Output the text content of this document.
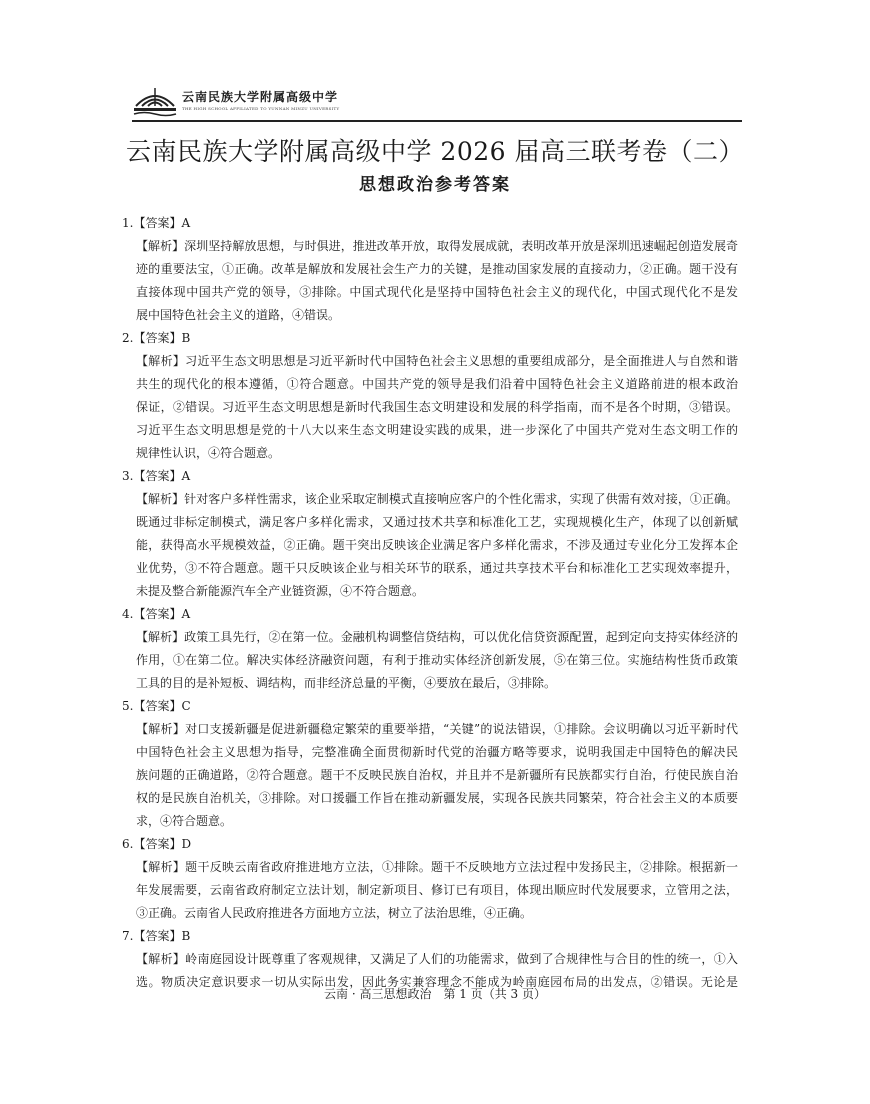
云南民族大学附属高级中学
THE HIGH SCHOOL AFFILIATED TO YUNNAN MINZU UNIVERSITY
云南民族大学附属高级中学 2026 届高三联考卷（二）
思想政治参考答案
1.【答案】A
【解析】深圳坚持解放思想，与时俱进，推进改革开放，取得发展成就，表明改革开放是深圳迅速崛起创造发展奇
迹的重要法宝，①正确。改革是解放和发展社会生产力的关键，是推动国家发展的直接动力，②正确。题干没有
直接体现中国共产党的领导，③排除。中国式现代化是坚持中国特色社会主义的现代化，中国式现代化不是发
展中国特色社会主义的道路，④错误。
2.【答案】B
【解析】习近平生态文明思想是习近平新时代中国特色社会主义思想的重要组成部分，是全面推进人与自然和谐
共生的现代化的根本遵循，①符合题意。中国共产党的领导是我们沿着中国特色社会主义道路前进的根本政治
保证，②错误。习近平生态文明思想是新时代我国生态文明建设和发展的科学指南，而不是各个时期，③错误。
习近平生态文明思想是党的十八大以来生态文明建设实践的成果，进一步深化了中国共产党对生态文明工作的
规律性认识，④符合题意。
3.【答案】A
【解析】针对客户多样性需求，该企业采取定制模式直接响应客户的个性化需求，实现了供需有效对接，①正确。
既通过非标定制模式，满足客户多样化需求，又通过技术共享和标准化工艺，实现规模化生产，体现了以创新赋
能，获得高水平规模效益，②正确。题干突出反映该企业满足客户多样化需求，不涉及通过专业化分工发挥本企
业优势，③不符合题意。题干只反映该企业与相关环节的联系，通过共享技术平台和标准化工艺实现效率提升，
未提及整合新能源汽车全产业链资源，④不符合题意。
4.【答案】A
【解析】政策工具先行，②在第一位。金融机构调整信贷结构，可以优化信贷资源配置，起到定向支持实体经济的
作用，①在第二位。解决实体经济融资问题，有利于推动实体经济创新发展，⑤在第三位。实施结构性货币政策
工具的目的是补短板、调结构，而非经济总量的平衡，④要放在最后，③排除。
5.【答案】C
【解析】对口支援新疆是促进新疆稳定繁荣的重要举措，“关键”的说法错误，①排除。会议明确以习近平新时代
中国特色社会主义思想为指导，完整准确全面贯彻新时代党的治疆方略等要求，说明我国走中国特色的解决民
族问题的正确道路，②符合题意。题干不反映民族自治权，并且并不是新疆所有民族都实行自治，行使民族自治
权的是民族自治机关，③排除。对口援疆工作旨在推动新疆发展，实现各民族共同繁荣，符合社会主义的本质要
求，④符合题意。
6.【答案】D
【解析】题干反映云南省政府推进地方立法，①排除。题干不反映地方立法过程中发扬民主，②排除。根据新一
年发展需要，云南省政府制定立法计划，制定新项目、修订已有项目，体现出顺应时代发展要求，立管用之法，
③正确。云南省人民政府推进各方面地方立法，树立了法治思维，④正确。
7.【答案】B
【解析】岭南庭园设计既尊重了客观规律，又满足了人们的功能需求，做到了合规律性与合目的性的统一，①入
选。物质决定意识要求一切从实际出发，因此务实兼容理念不能成为岭南庭园布局的出发点，②错误。无论是
云南 · 高三思想政治　第 1 页（共 3 页）
